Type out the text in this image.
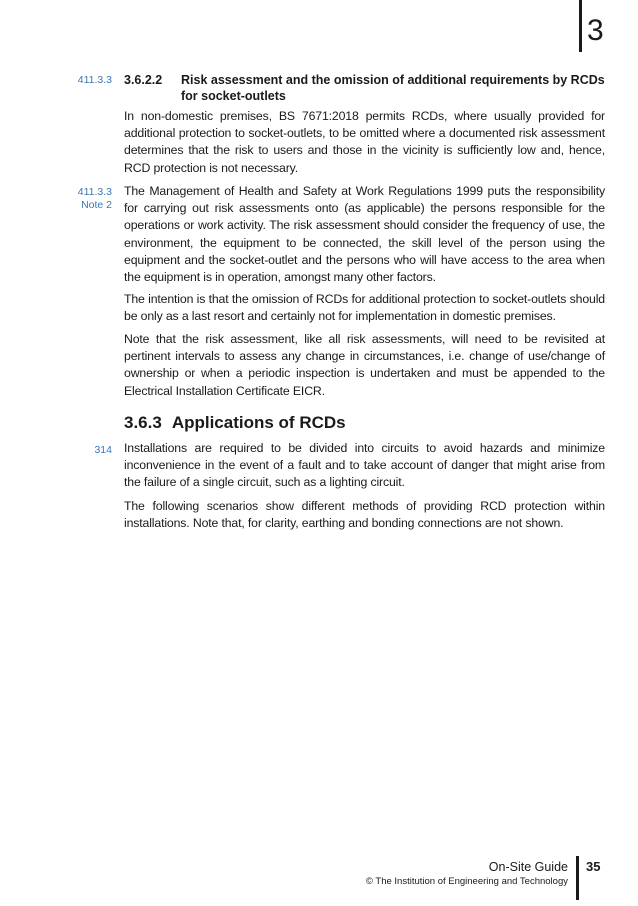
3
411.3.3 3.6.2.2 Risk assessment and the omission of additional requirements by RCDs for socket-outlets

In non-domestic premises, BS 7671:2018 permits RCDs, where usually provided for additional protection to socket-outlets, to be omitted where a documented risk assessment determines that the risk to users and those in the vicinity is sufficiently low and, hence, RCD protection is not necessary.

411.3.3
Note 2

The Management of Health and Safety at Work Regulations 1999 puts the responsibility for carrying out risk assessments onto (as applicable) the persons responsible for the operations or work activity. The risk assessment should consider the frequency of use, the environment, the equipment to be connected, the skill level of the person using the equipment and the socket-outlet and the persons who will have access to the area when the equipment is in operation, amongst many other factors.

The intention is that the omission of RCDs for additional protection to socket-outlets should be only as a last resort and certainly not for implementation in domestic premises.

Note that the risk assessment, like all risk assessments, will need to be revisited at pertinent intervals to assess any change in circumstances, i.e. change of use/change of ownership or when a periodic inspection is undertaken and must be appended to the Electrical Installation Certificate EICR.

3.6.3 Applications of RCDs
314 Installations are required to be divided into circuits to avoid hazards and minimize inconvenience in the event of a fault and to take account of danger that might arise from the failure of a single circuit, such as a lighting circuit.

The following scenarios show different methods of providing RCD protection within installations. Note that, for clarity, earthing and bonding connections are not shown.

On-Site Guide
© The Institution of Engineering and Technology
35
